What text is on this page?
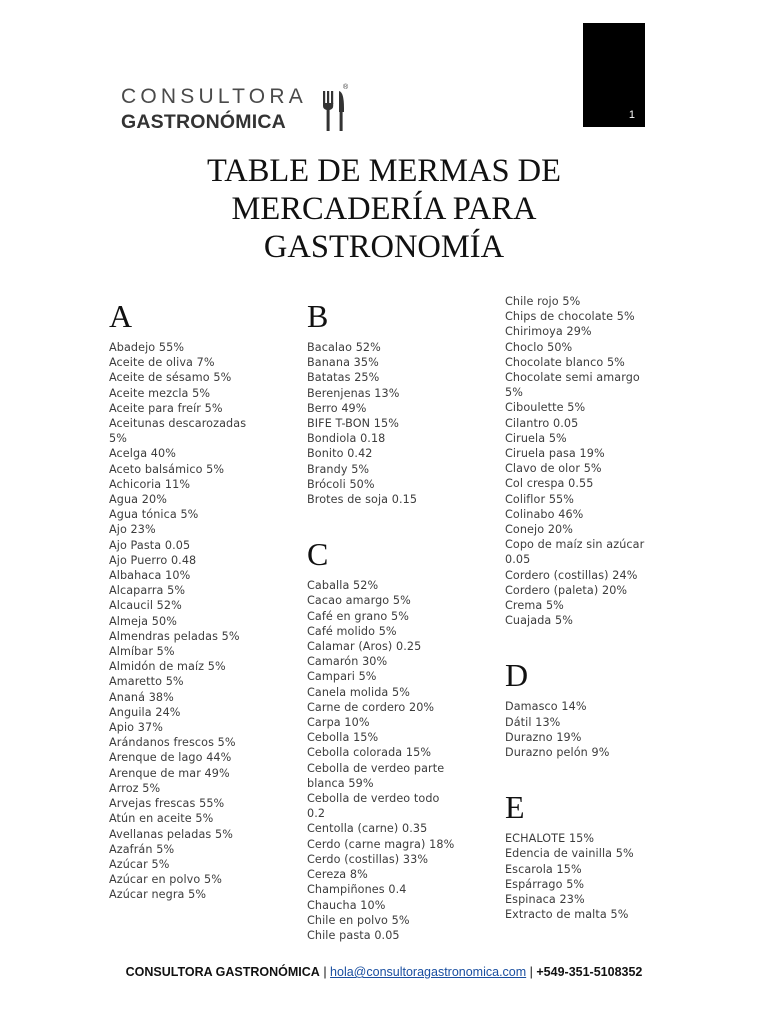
1
CONSULTORA
GASTRONÓMICA
®
TABLE DE MERMAS DE
MERCADERÍA PARA
GASTRONOMÍA
A
Abadejo 55%
Aceite de oliva 7%
Aceite de sésamo 5%
Aceite mezcla 5%
Aceite para freír 5%
Aceitunas descarozadas
5%
Acelga 40%
Aceto balsámico 5%
Achicoria 11%
Agua 20%
Agua tónica 5%
Ajo 23%
Ajo Pasta 0.05
Ajo Puerro 0.48
Albahaca 10%
Alcaparra 5%
Alcaucil 52%
Almeja 50%
Almendras peladas 5%
Almíbar 5%
Almidón de maíz 5%
Amaretto 5%
Ananá 38%
Anguila 24%
Apio 37%
Arándanos frescos 5%
Arenque de lago 44%
Arenque de mar 49%
Arroz 5%
Arvejas frescas 55%
Atún en aceite 5%
Avellanas peladas 5%
Azafrán 5%
Azúcar 5%
Azúcar en polvo 5%
Azúcar negra 5%
B
Bacalao 52%
Banana 35%
Batatas 25%
Berenjenas 13%
Berro 49%
BIFE T-BON 15%
Bondiola 0.18
Bonito 0.42
Brandy 5%
Brócoli 50%
Brotes de soja 0.15
C
Caballa 52%
Cacao amargo 5%
Café en grano 5%
Café molido 5%
Calamar (Aros) 0.25
Camarón 30%
Campari 5%
Canela molida 5%
Carne de cordero 20%
Carpa 10%
Cebolla 15%
Cebolla colorada 15%
Cebolla de verdeo parte
blanca 59%
Cebolla de verdeo todo
0.2
Centolla (carne) 0.35
Cerdo (carne magra) 18%
Cerdo (costillas) 33%
Cereza 8%
Champiñones 0.4
Chaucha 10%
Chile en polvo 5%
Chile pasta 0.05
Chile rojo 5%
Chips de chocolate 5%
Chirimoya 29%
Choclo 50%
Chocolate blanco 5%
Chocolate semi amargo
5%
Ciboulette 5%
Cilantro 0.05
Ciruela 5%
Ciruela pasa 19%
Clavo de olor 5%
Col crespa 0.55
Coliflor 55%
Colinabo 46%
Conejo 20%
Copo de maíz sin azúcar
0.05
Cordero (costillas) 24%
Cordero (paleta) 20%
Crema 5%
Cuajada 5%
D
Damasco 14%
Dátil 13%
Durazno 19%
Durazno pelón 9%
E
ECHALOTE 15%
Edencia de vainilla 5%
Escarola 15%
Espárrago 5%
Espinaca 23%
Extracto de malta 5%
CONSULTORA GASTRONÓMICA | hola@consultoragastronomica.com | +549-351-5108352
